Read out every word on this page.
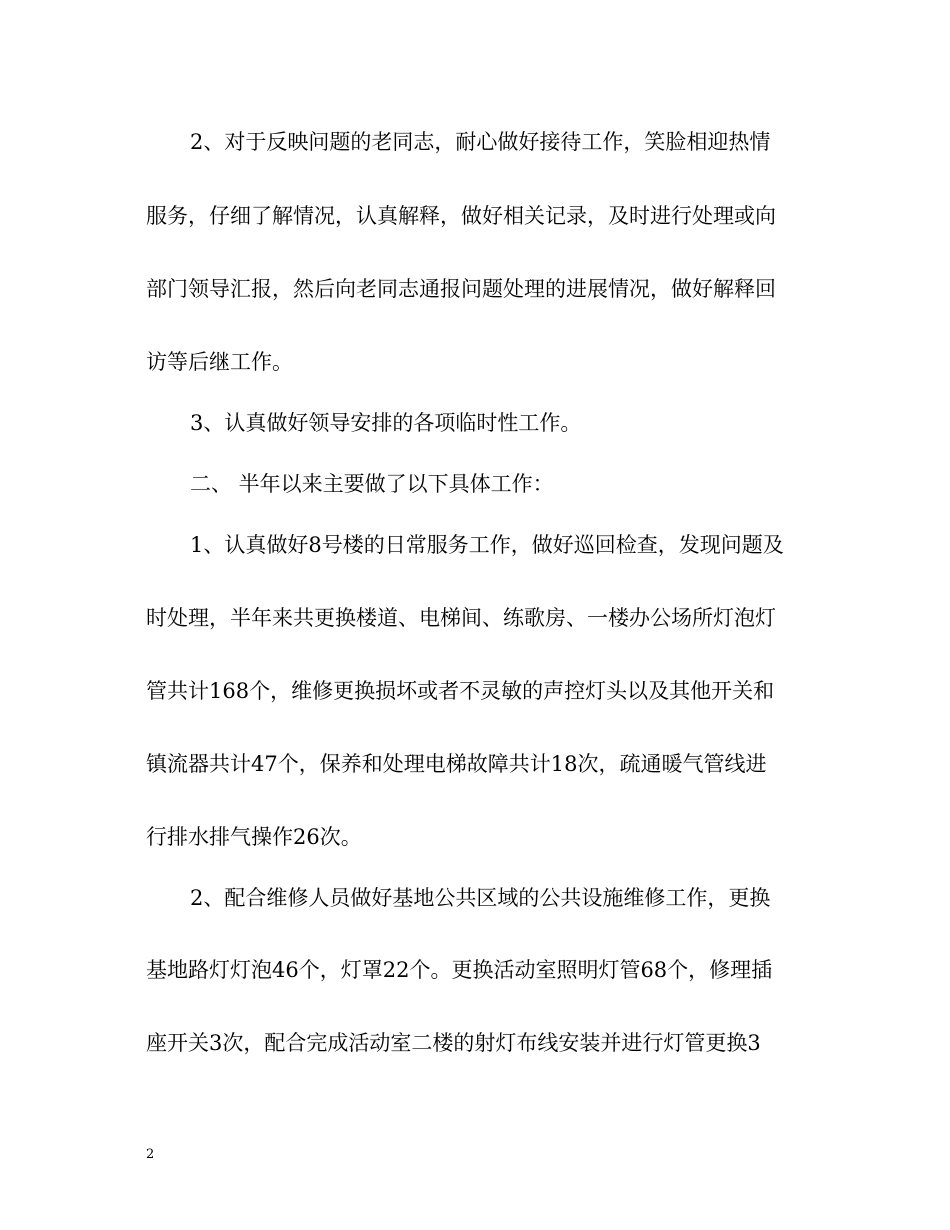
2、对于反映问题的老同志，耐心做好接待工作，笑脸相迎热情
服务，仔细了解情况，认真解释，做好相关记录，及时进行处理或向
部门领导汇报，然后向老同志通报问题处理的进展情况，做好解释回
访等后继工作。
3、认真做好领导安排的各项临时性工作。
二、 半年以来主要做了以下具体工作：
1、认真做好8号楼的日常服务工作，做好巡回检查，发现问题及
时处理，半年来共更换楼道、电梯间、练歌房、一楼办公场所灯泡灯
管共计168个，维修更换损坏或者不灵敏的声控灯头以及其他开关和
镇流器共计47个，保养和处理电梯故障共计18次，疏通暖气管线进
行排水排气操作26次。
2、配合维修人员做好基地公共区域的公共设施维修工作，更换
基地路灯灯泡46个，灯罩22个。更换活动室照明灯管68个，修理插
座开关3次，配合完成活动室二楼的射灯布线安装并进行灯管更换3
2
